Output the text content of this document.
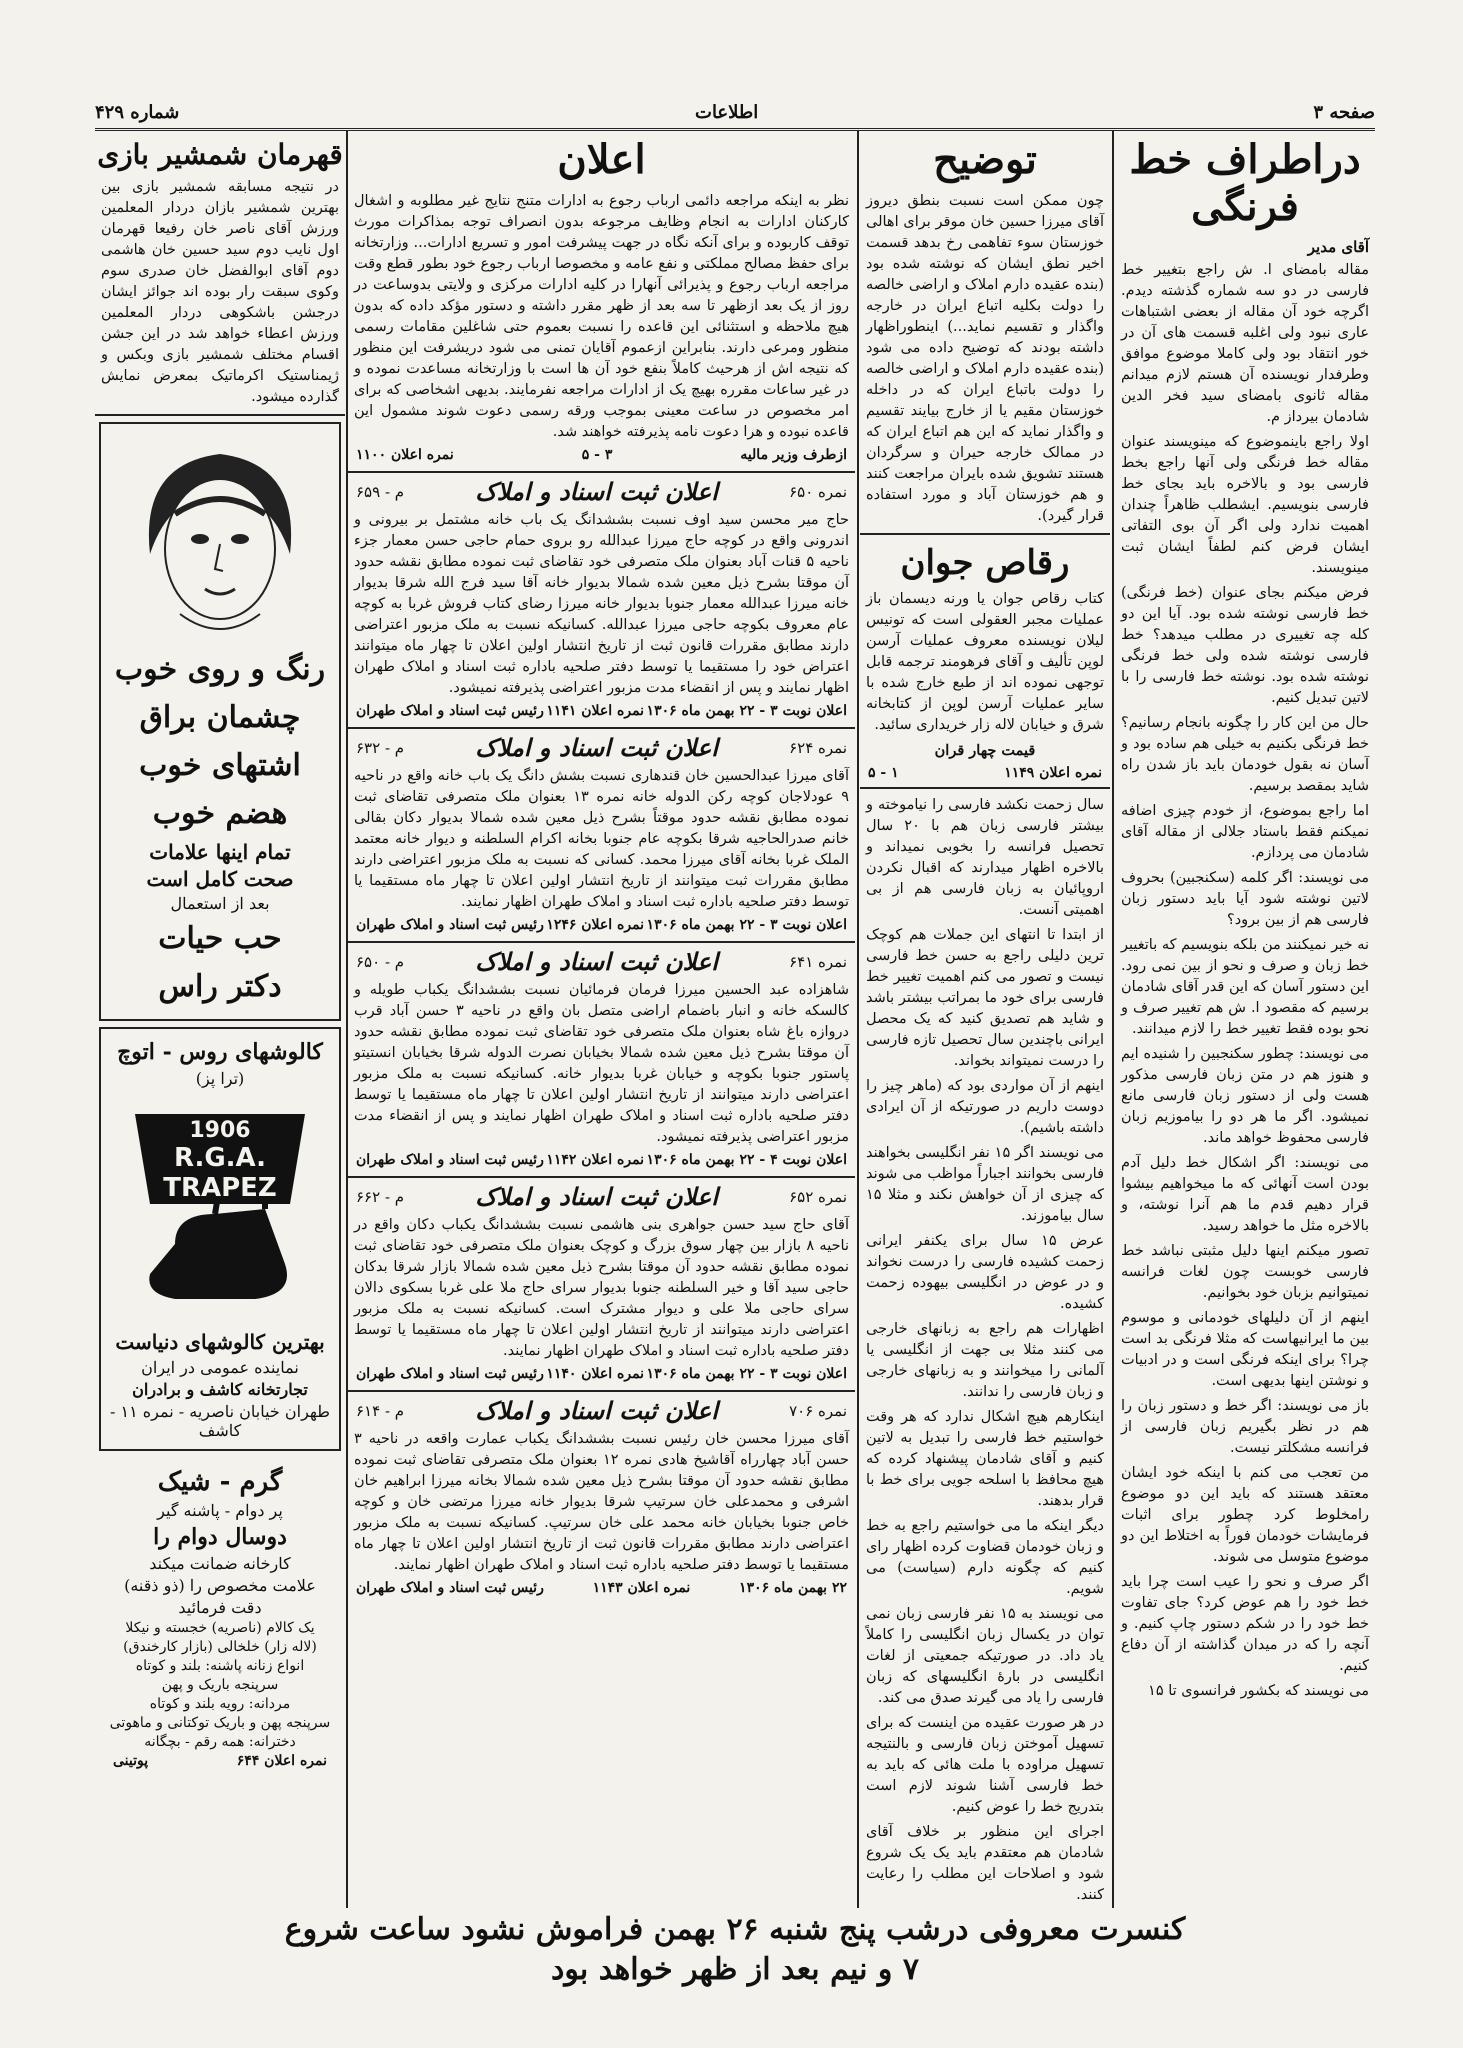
صفحه ۳
اطلاعات
شماره ۴۲۹
دراطراف خط فرنگی
آقای مدیر

مقاله بامضای ا. ش راجع بتغییر خط فارسی در دو سه شماره گذشته دیدم. اگرچه خود آن مقاله از بعضی اشتباهات عاری نبود ولی اغلبه قسمت های آن در خور انتقاد بود ولی کاملا موضوع موافق وطرفدار نویسنده آن هستم لازم میدانم مقاله ثانوی بامضای سید فخر الدین شادمان بیرداز م.

اولا راجع باینموضوع که مینویسند عنوان مقاله خط فرنگی ولی آنها راجع بخط فارسی بود و بالاخره باید بجای خط فارسی بنویسیم. ایشطلب ظاهراً چندان اهمیت ندارد ولی اگر آن بوی التفاتی ایشان فرض کنم لطفاً ایشان ثبت مینویسند.

فرض میکنم بجای عنوان (خط فرنگی) خط فارسی نوشته شده بود. آیا این دو کله چه تغییری در مطلب میدهد؟ خط فارسی نوشته شده ولی خط فرنگی نوشته شده بود. نوشته خط فارسی را با لاتین تبدیل کنیم.

حال من این کار را چگونه بانجام رسانیم؟ خط فرنگی بکنیم به خیلی هم ساده بود و آسان نه بقول خودمان باید باز شدن راه شاید بمقصد برسیم.

اما راجع بموضوع، از خودم چیزی اضافه نمیکنم فقط باستاد جلالی از مقاله آقای شادمان می پردازم.

می نویسند: اگر کلمه (سکنجبین) بحروف لاتین نوشته شود آیا باید دستور زبان فارسی هم از بین برود؟

نه خیر نمیکنند من بلکه بنویسیم که باتغییر خط زبان و صرف و نحو از بین نمی رود. این دستور آسان که این قدر آقای شادمان برسیم که مقصود ا. ش هم تغییر صرف و نحو بوده فقط تغییر خط را لازم میدانند.

می نویسند: چطور سکنجبین را شنیده ایم و هنوز هم در متن زبان فارسی مذکور هست ولی از دستور زبان فارسی مانع نمیشود. اگر ما هر دو را بیاموزیم زبان فارسی محفوظ خواهد ماند.

می نویسند: اگر اشکال خط دلیل آدم بودن است آنهائی که ما میخواهیم بیشوا قرار دهیم قدم ما هم آنرا نوشته، و بالاخره مثل ما خواهد رسید.

تصور میکنم اینها دلیل مثبتی نباشد خط فارسی خوبست چون لغات فرانسه نمیتوانیم بزبان خود بخوانیم.

اینهم از آن دلیلهای خودمانی و موسوم بین ما ایرانیهاست که مثلا فرنگی بد است چرا؟ برای اینکه فرنگی است و در ادبیات و نوشتن اینها بدیهی است.

باز می نویسند: اگر خط و دستور زبان را هم در نظر بگیریم زبان فارسی از فرانسه مشکلتر نیست.

من تعجب می کنم با اینکه خود ایشان معتقد هستند که باید این دو موضوع رامخلوط کرد چطور برای اثبات فرمایشات خودمان فوراً به اختلاط این دو موضوع متوسل می شوند.

اگر صرف و نحو را عیب است چرا باید خط خود را هم عوض کرد؟ جای تفاوت خط خود را در شکم دستور چاپ کنیم. و آنچه را که در میدان گذاشته از آن دفاع کنیم.

می نویسند که بکشور فرانسوی تا ۱۵

توضیح

چون ممکن است نسبت بنطق دیروز آقای میرزا حسین خان موقر برای اهالی خوزستان سوء تفاهمی رخ بدهد قسمت اخیر نطق ایشان که نوشته شده بود (بنده عقیده دارم املاک و اراضی خالصه را دولت بکلیه اتباع ایران در خارجه واگذار و تقسیم نماید...) اینطوراظهار داشته بودند که توضیح داده می شود (بنده عقیده دارم املاک و اراضی خالصه را دولت باتباع ایران که در داخله خوزستان مقیم یا از خارج بیایند تقسیم و واگذار نماید که این هم اتباع ایران که در ممالک خارجه حیران و سرگردان هستند تشویق شده بایران مراجعت کنند و هم خوزستان آباد و مورد استفاده قرار گیرد).

رقاص جوان

کتاب رقاص جوان یا ورنه دیسمان باز عملیات مجبر العقولی است که تونیس لیلان نویسنده معروف عملیات آرسن لوپن تألیف و آقای فرهومند ترجمه قابل توجهی نموده اند از طبع خارج شده با سایر عملیات آرسن لوپن از کتابخانه شرق و خیابان لاله زار خریداری سائید.

قیمت چهار قران

نمره اعلان ۱۱۴۹
۱ - ۵

سال زحمت نکشد فارسی را نیاموخته و بیشتر فارسی زبان هم با ۲۰ سال تحصیل فرانسه را بخوبی نمیداند و بالاخره اظهار میدارند که اقبال نکردن اروپائیان به زبان فارسی هم از بی اهمیتی آنست.

از ابتدا تا انتهای این جملات هم کوچک ترین دلیلی راجع به حسن خط فارسی نیست و تصور می کنم اهمیت تغییر خط فارسی برای خود ما بمراتب بیشتر باشد و شاید هم تصدیق کنید که یک محصل ایرانی باچندین سال تحصیل تازه فارسی را درست نمیتواند بخواند.

اینهم از آن مواردی بود که (ماهر چیز را دوست داریم در صورتیکه از آن ایرادی داشته باشیم).

می نویسند اگر ۱۵ نفر انگلیسی بخواهند فارسی بخوانند اجباراً مواظب می شوند که چیزی از آن خواهش نکند و مثلا ۱۵ سال بیاموزند.

عرض ۱۵ سال برای یکنفر ایرانی زحمت کشیده فارسی را درست نخواند و در عوض در انگلیسی بیهوده زحمت کشیده.

اظهارات هم راجع به زبانهای خارجی می کنند مثلا بی جهت از انگلیسی یا آلمانی را میخوانند و به زبانهای خارجی و زبان فارسی را ندانند.

اینکارهم هیچ اشکال ندارد که هر وقت خواستیم خط فارسی را تبدیل به لاتین کنیم و آقای شادمان پیشنهاد کرده که هیچ محافظ با اسلحه جویی برای خط با قرار بدهند.

دیگر اینکه ما می خواستیم راجع به خط و زبان خودمان قضاوت کرده اظهار رای کنیم که چگونه دارم (سیاست) می شویم.

می نویسند به ۱۵ نفر فارسی زبان نمی توان در یکسال زبان انگلیسی را کاملاً یاد داد. در صورتیکه جمعیتی از لغات انگلیسی در بارهٔ انگلیسهای که زبان فارسی را یاد می گیرند صدق می کند.

در هر صورت عقیده من اینست که برای تسهیل آموختن زبان فارسی و بالنتیجه تسهیل مراوده با ملت هائی که باید به خط فارسی آشنا شوند لازم است بتدریج خط را عوض کنیم.

اجرای این منظور بر خلاف آقای شادمان هم معتقدم باید یک یک شروع شود و اصلاحات این مطلب را رعایت کنند.

اعلان

نظر به اینکه مراجعه دائمی ارباب رجوع به ادارات متنج نتایج غیر مطلوبه و اشغال کارکنان ادارات به انجام وظایف مرجوعه بدون انصراف توجه بمذاکرات مورث توقف کاربوده و برای آنکه نگاه در جهت پیشرفت امور و تسریع ادارات... وزارتخانه برای حفظ مصالح مملکتی و نفع عامه و مخصوصا ارباب رجوع خود بطور قطع وقت مراجعه ارباب رجوع و پذیرائی آنهارا در کلیه ادارات مرکزی و ولایتی بدوساعت در روز از یک بعد ازظهر تا سه بعد از ظهر مقرر داشته و دستور مؤکد داده که بدون هیچ ملاحظه و استثنائی این قاعده را نسبت بعموم حتی شاغلین مقامات رسمی منظور ومرعی دارند. بنابراین ازعموم آقایان تمنی می شود دریشرفت این منظور که نتیجه اش از هرحیث کاملاً بنفع خود آن ها است با وزارتخانه مساعدت نموده و در غیر ساعات مقرره بهیچ یک از ادارات مراجعه نفرمایند. بدیهی اشخاصی که برای امر مخصوص در ساعت معینی بموجب ورقه رسمی دعوت شوند مشمول این قاعده نبوده و هرا دعوت نامه پذیرفته خواهند شد.

ازطرف وزیر مالیه
۳ - ۵
نمره اعلان ۱۱۰۰
نمره ۶۵۰
اعلان ثبت اسناد و املاک
م - ۶۵۹

حاج میر محسن سید اوف نسبت بششدانگ یک باب خانه مشتمل بر بیرونی و اندرونی واقع در کوچه حاج میرزا عبدالله رو بروی حمام حاجی حسن معمار جزء ناحیه ۵ قنات آباد بعنوان ملک متصرفی خود تقاضای ثبت نموده مطابق نقشه حدود آن موقتا بشرح ذیل معین شده شمالا بدیوار خانه آقا سید فرج الله شرقا بدیوار خانه میرزا عبدالله معمار جنوبا بدیوار خانه میرزا رضای کتاب فروش غربا به کوچه عام معروف بکوچه حاجی میرزا عبدالله. کسانیکه نسبت به ملک مزبور اعتراضی دارند مطابق مقررات قانون ثبت از تاریخ انتشار اولین اعلان تا چهار ماه میتوانند اعتراض خود را مستقیما یا توسط دفتر صلحیه باداره ثبت اسناد و املاک طهران اظهار نمایند و پس از انقضاء مدت مزبور اعتراضی پذیرفته نمیشود.

اعلان نوبت ۳ - ۲۲ بهمن ماه ۱۳۰۶
نمره اعلان ۱۱۴۱
رئیس ثبت اسناد و املاک طهران
نمره ۶۲۴
اعلان ثبت اسناد و املاک
م - ۶۳۲

آقای میرزا عبدالحسین خان قندهاری نسبت بشش دانگ یک باب خانه واقع در ناحیه ۹ عودلاجان کوچه رکن الدوله خانه نمره ۱۳ بعنوان ملک متصرفی تقاضای ثبت نموده مطابق نقشه حدود موقتاً بشرح ذیل معین شده شمالا بدیوار دکان بقالی خانم صدرالحاجیه شرقا بکوچه عام جنوبا بخانه اکرام السلطنه و دیوار خانه معتمد الملک غربا بخانه آقای میرزا محمد. کسانی که نسبت به ملک مزبور اعتراضی دارند مطابق مقررات ثبت میتوانند از تاریخ انتشار اولین اعلان تا چهار ماه مستقیما یا توسط دفتر صلحیه باداره ثبت اسناد و املاک طهران اظهار نمایند.

اعلان نوبت ۳ - ۲۲ بهمن ماه ۱۳۰۶
نمره اعلان ۱۲۴۶
رئیس ثبت اسناد و املاک طهران
نمره ۶۴۱
اعلان ثبت اسناد و املاک
م - ۶۵۰

شاهزاده عبد الحسین میرزا فرمان فرمائیان نسبت بششدانگ یکباب طویله و کالسکه خانه و انبار باضمام اراضی متصل بان واقع در ناحیه ۳ حسن آباد قرب دروازه باغ شاه بعنوان ملک متصرفی خود تقاضای ثبت نموده مطابق نقشه حدود آن موقتا بشرح ذیل معین شده شمالا بخیابان نصرت الدوله شرقا بخیابان انستیتو پاستور جنوبا بکوچه و خیابان غربا بدیوار خانه. کسانیکه نسبت به ملک مزبور اعتراضی دارند میتوانند از تاریخ انتشار اولین اعلان تا چهار ماه مستقیما یا توسط دفتر صلحیه باداره ثبت اسناد و املاک طهران اظهار نمایند و پس از انقضاء مدت مزبور اعتراضی پذیرفته نمیشود.

اعلان نوبت ۴ - ۲۲ بهمن ماه ۱۳۰۶
نمره اعلان ۱۱۴۲
رئیس ثبت اسناد و املاک طهران
نمره ۶۵۲
اعلان ثبت اسناد و املاک
م - ۶۶۲

آقای حاج سید حسن جواهری بنی هاشمی نسبت بششدانگ یکباب دکان واقع در ناحیه ۸ بازار بین چهار سوق بزرگ و کوچک بعنوان ملک متصرفی خود تقاضای ثبت نموده مطابق نقشه حدود آن موقتا بشرح ذیل معین شده شمالا بازار شرقا بدکان حاجی سید آقا و خیر السلطنه جنوبا بدیوار سرای حاج ملا علی غربا بسکوی دالان سرای حاجی ملا علی و دیوار مشترک است. کسانیکه نسبت به ملک مزبور اعتراضی دارند میتوانند از تاریخ انتشار اولین اعلان تا چهار ماه مستقیما یا توسط دفتر صلحیه باداره ثبت اسناد و املاک طهران اظهار نمایند.

اعلان نوبت ۳ - ۲۲ بهمن ماه ۱۳۰۶
نمره اعلان ۱۱۴۰
رئیس ثبت اسناد و املاک طهران
نمره ۷۰۶
اعلان ثبت اسناد و املاک
م - ۶۱۴

آقای میرزا محسن خان رئیس نسبت بششدانگ یکباب عمارت واقعه در ناحیه ۳ حسن آباد چهارراه آقاشیخ هادی نمره ۱۲ بعنوان ملک متصرفی تقاضای ثبت نموده مطابق نقشه حدود آن موقتا بشرح ذیل معین شده شمالا بخانه میرزا ابراهیم خان اشرفی و محمدعلی خان سرتیپ شرقا بدیوار خانه میرزا مرتضی خان و کوچه خاص جنوبا بخیابان خانه محمد علی خان سرتیپ. کسانیکه نسبت به ملک مزبور اعتراضی دارند مطابق مقررات قانون ثبت از تاریخ انتشار اولین اعلان تا چهار ماه مستقیما یا توسط دفتر صلحیه باداره ثبت اسناد و املاک طهران اظهار نمایند.

۲۲ بهمن ماه ۱۳۰۶
نمره اعلان ۱۱۴۳
رئیس ثبت اسناد و املاک طهران
قهرمان شمشیر بازی

در نتیجه مسابقه شمشیر بازی بین بهترین شمشیر بازان دردار المعلمین ورزش آقای ناصر خان رفیعا قهرمان اول نایب دوم سید حسین خان هاشمی دوم آقای ابوالفضل خان صدری سوم وکوی سبقت رار بوده اند جوائز ایشان درجشن باشکوهی دردار المعلمین ورزش اعطاء خواهد شد در این جشن اقسام مختلف شمشیر بازی وبکس و ژیمناستیک اکرماتیک بمعرض نمایش گذارده میشود.

رنگ و روی خوب
چشمان براق
اشتهای خوب
هضم خوب
تمام اینها علامات
صحت کامل است
بعد از استعمال
حب حیات
دکتر راس
کالوشهای روس - اتوچ
(ترا پز)
1906
R.G.A.
TRAPEZ
بهترین کالوشهای دنیاست
نماینده عمومی در ایران
تجارتخانه کاشف و برادران
طهران خیابان ناصریه - نمره ۱۱ - کاشف
گرم - شیک
پر دوام - پاشنه گیر
دوسال دوام را
کارخانه ضمانت میکند
علامت مخصوص را (ذو ذقنه)
دقت فرمائید
یک کالام (ناصریه) خجسته و نیکلا
(لاله زار) خلخالی (بازار کارخندق)
انواع زنانه پاشنه: بلند و کوتاه
سرپنجه باریک و پهن
مردانه: رویه بلند و کوتاه
سرپنجه پهن و باریک توکتانی و ماهوتی
دخترانه: همه رقم - بچگانه
نمره اعلان ۶۴۴
پوتینی
کنسرت معروفی درشب پنج شنبه ۲۶ بهمن فراموش نشود ساعت شروع
۷ و نیم بعد از ظهر خواهد بود
